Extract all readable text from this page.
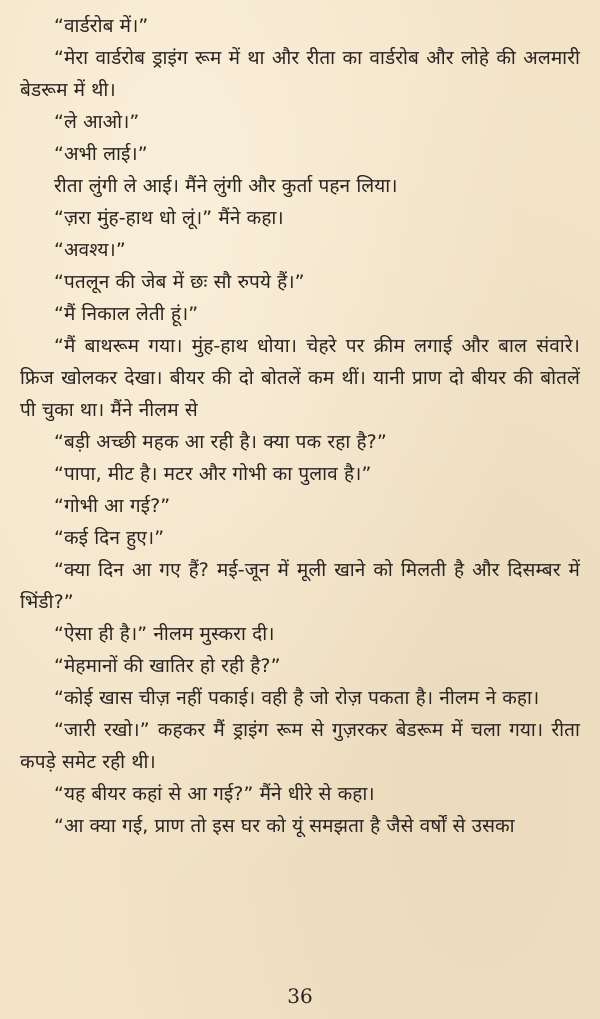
“वार्डरोब में।”

“मेरा वार्डरोब ड्राइंग रूम में था और रीता का वार्डरोब और लोहे की अलमारी बेडरूम में थी।

“ले आओ।”

“अभी लाई।”

रीता लुंगी ले आई। मैंने लुंगी और कुर्ता पहन लिया।

“ज़रा मुंह-हाथ धो लूं।” मैंने कहा।

“अवश्य।”

“पतलून की जेब में छः सौ रुपये हैं।”

“मैं निकाल लेती हूं।”

“मैं बाथरूम गया। मुंह-हाथ धोया। चेहरे पर क्रीम लगाई और बाल संवारे। फ्रिज खोलकर देखा। बीयर की दो बोतलें कम थीं। यानी प्राण दो बीयर की बोतलें पी चुका था। मैंने नीलम से

“बड़ी अच्छी महक आ रही है। क्या पक रहा है?”

“पापा, मीट है। मटर और गोभी का पुलाव है।”

“गोभी आ गई?”

“कई दिन हुए।”

“क्या दिन आ गए हैं? मई-जून में मूली खाने को मिलती है और दिसम्बर में भिंडी?”

“ऐसा ही है।” नीलम मुस्करा दी।

“मेहमानों की खातिर हो रही है?”

“कोई खास चीज़ नहीं पकाई। वही है जो रोज़ पकता है। नीलम ने कहा।

“जारी रखो।” कहकर मैं ड्राइंग रूम से गुज़रकर बेडरूम में चला गया। रीता कपड़े समेट रही थी।

“यह बीयर कहां से आ गई?” मैंने धीरे से कहा।

“आ क्या गई, प्राण तो इस घर को यूं समझता है जैसे वर्षों से उसका

36
